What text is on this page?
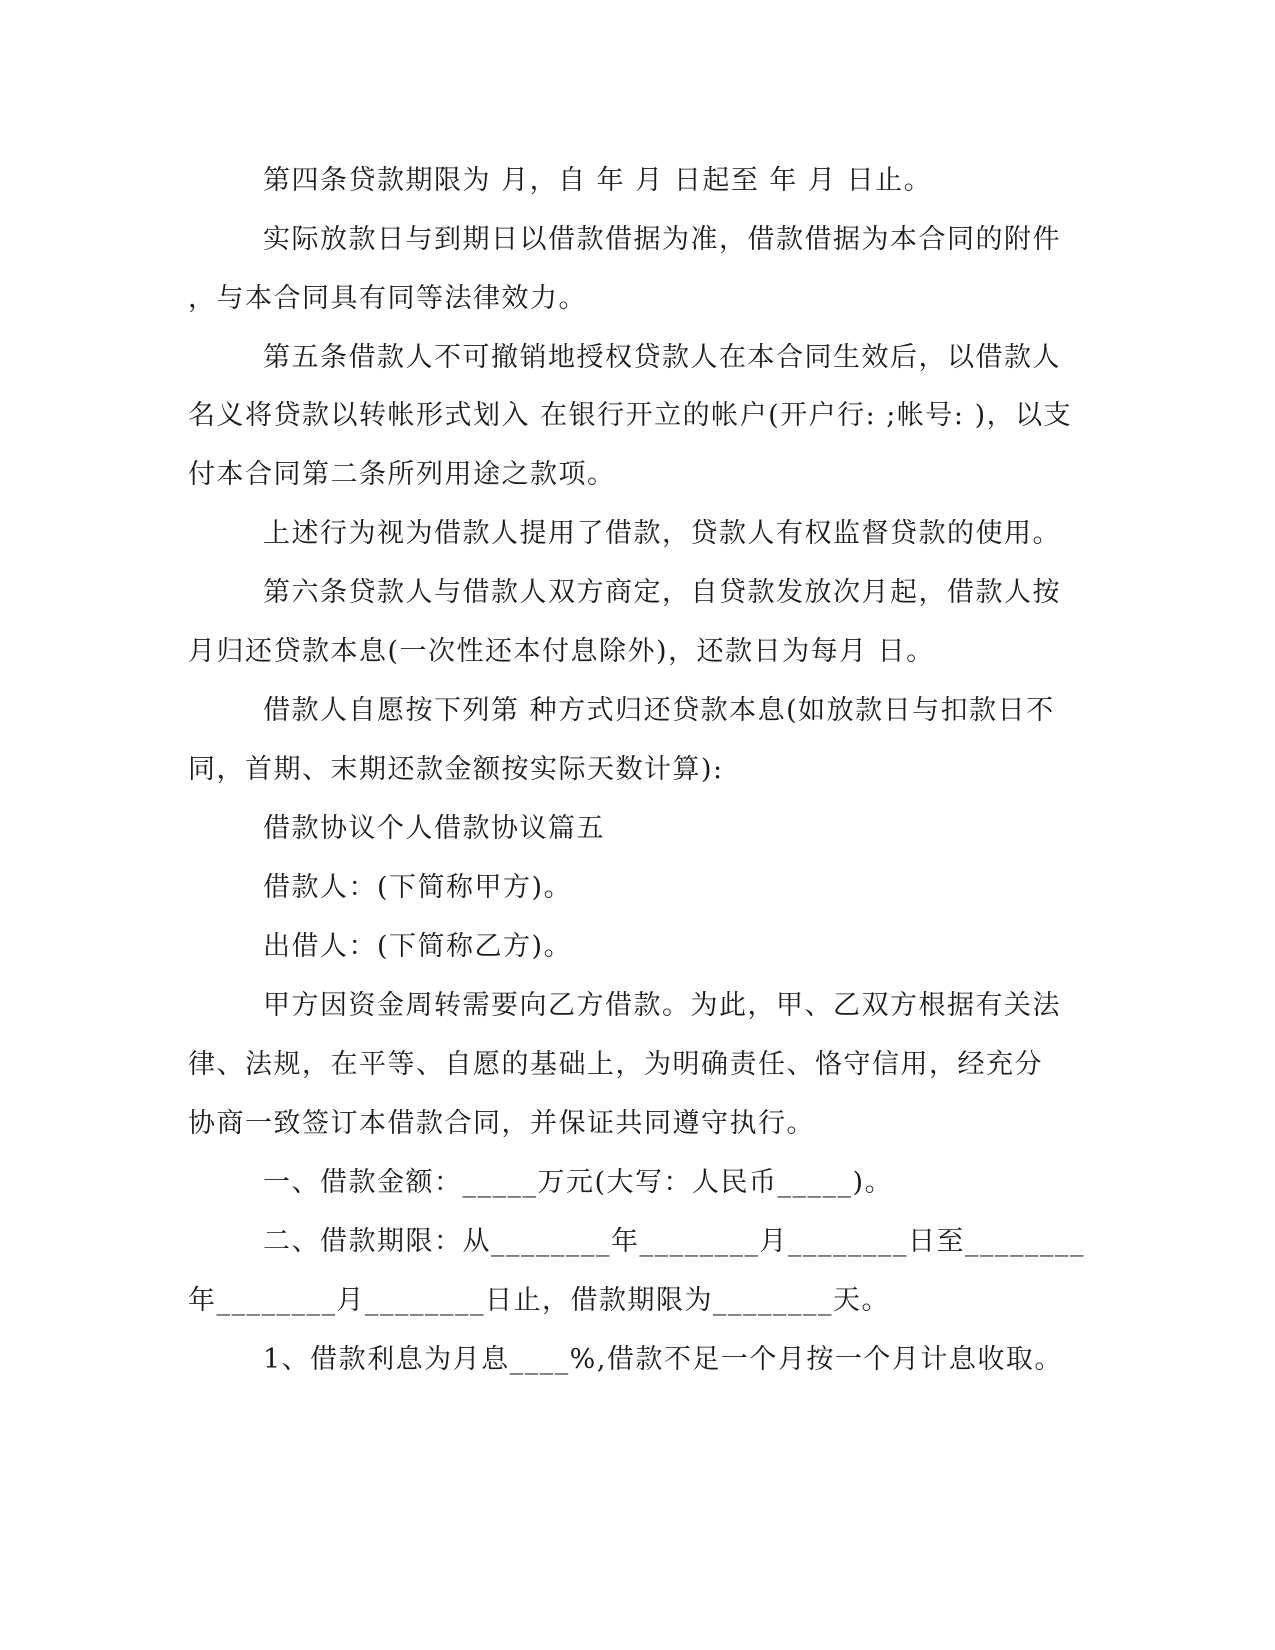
第四条贷款期限为 月，自 年 月 日起至 年 月 日止。
实际放款日与到期日以借款借据为准，借款借据为本合同的附件
，与本合同具有同等法律效力。
第五条借款人不可撤销地授权贷款人在本合同生效后，以借款人
名义将贷款以转帐形式划入 在银行开立的帐户(开户行: ;帐号: )，以支
付本合同第二条所列用途之款项。
上述行为视为借款人提用了借款，贷款人有权监督贷款的使用。
第六条贷款人与借款人双方商定，自贷款发放次月起，借款人按
月归还贷款本息(一次性还本付息除外)，还款日为每月 日。
借款人自愿按下列第 种方式归还贷款本息(如放款日与扣款日不
同，首期、末期还款金额按实际天数计算):
借款协议个人借款协议篇五
借款人：(下简称甲方)。
出借人：(下简称乙方)。
甲方因资金周转需要向乙方借款。为此，甲、乙双方根据有关法
律、法规，在平等、自愿的基础上，为明确责任、恪守信用，经充分
协商一致签订本借款合同，并保证共同遵守执行。
一、借款金额：_____万元(大写：人民币_____)。
二、借款期限：从________年________月________日至________
年________月________日止，借款期限为________天。
1、借款利息为月息____%,借款不足一个月按一个月计息收取。
